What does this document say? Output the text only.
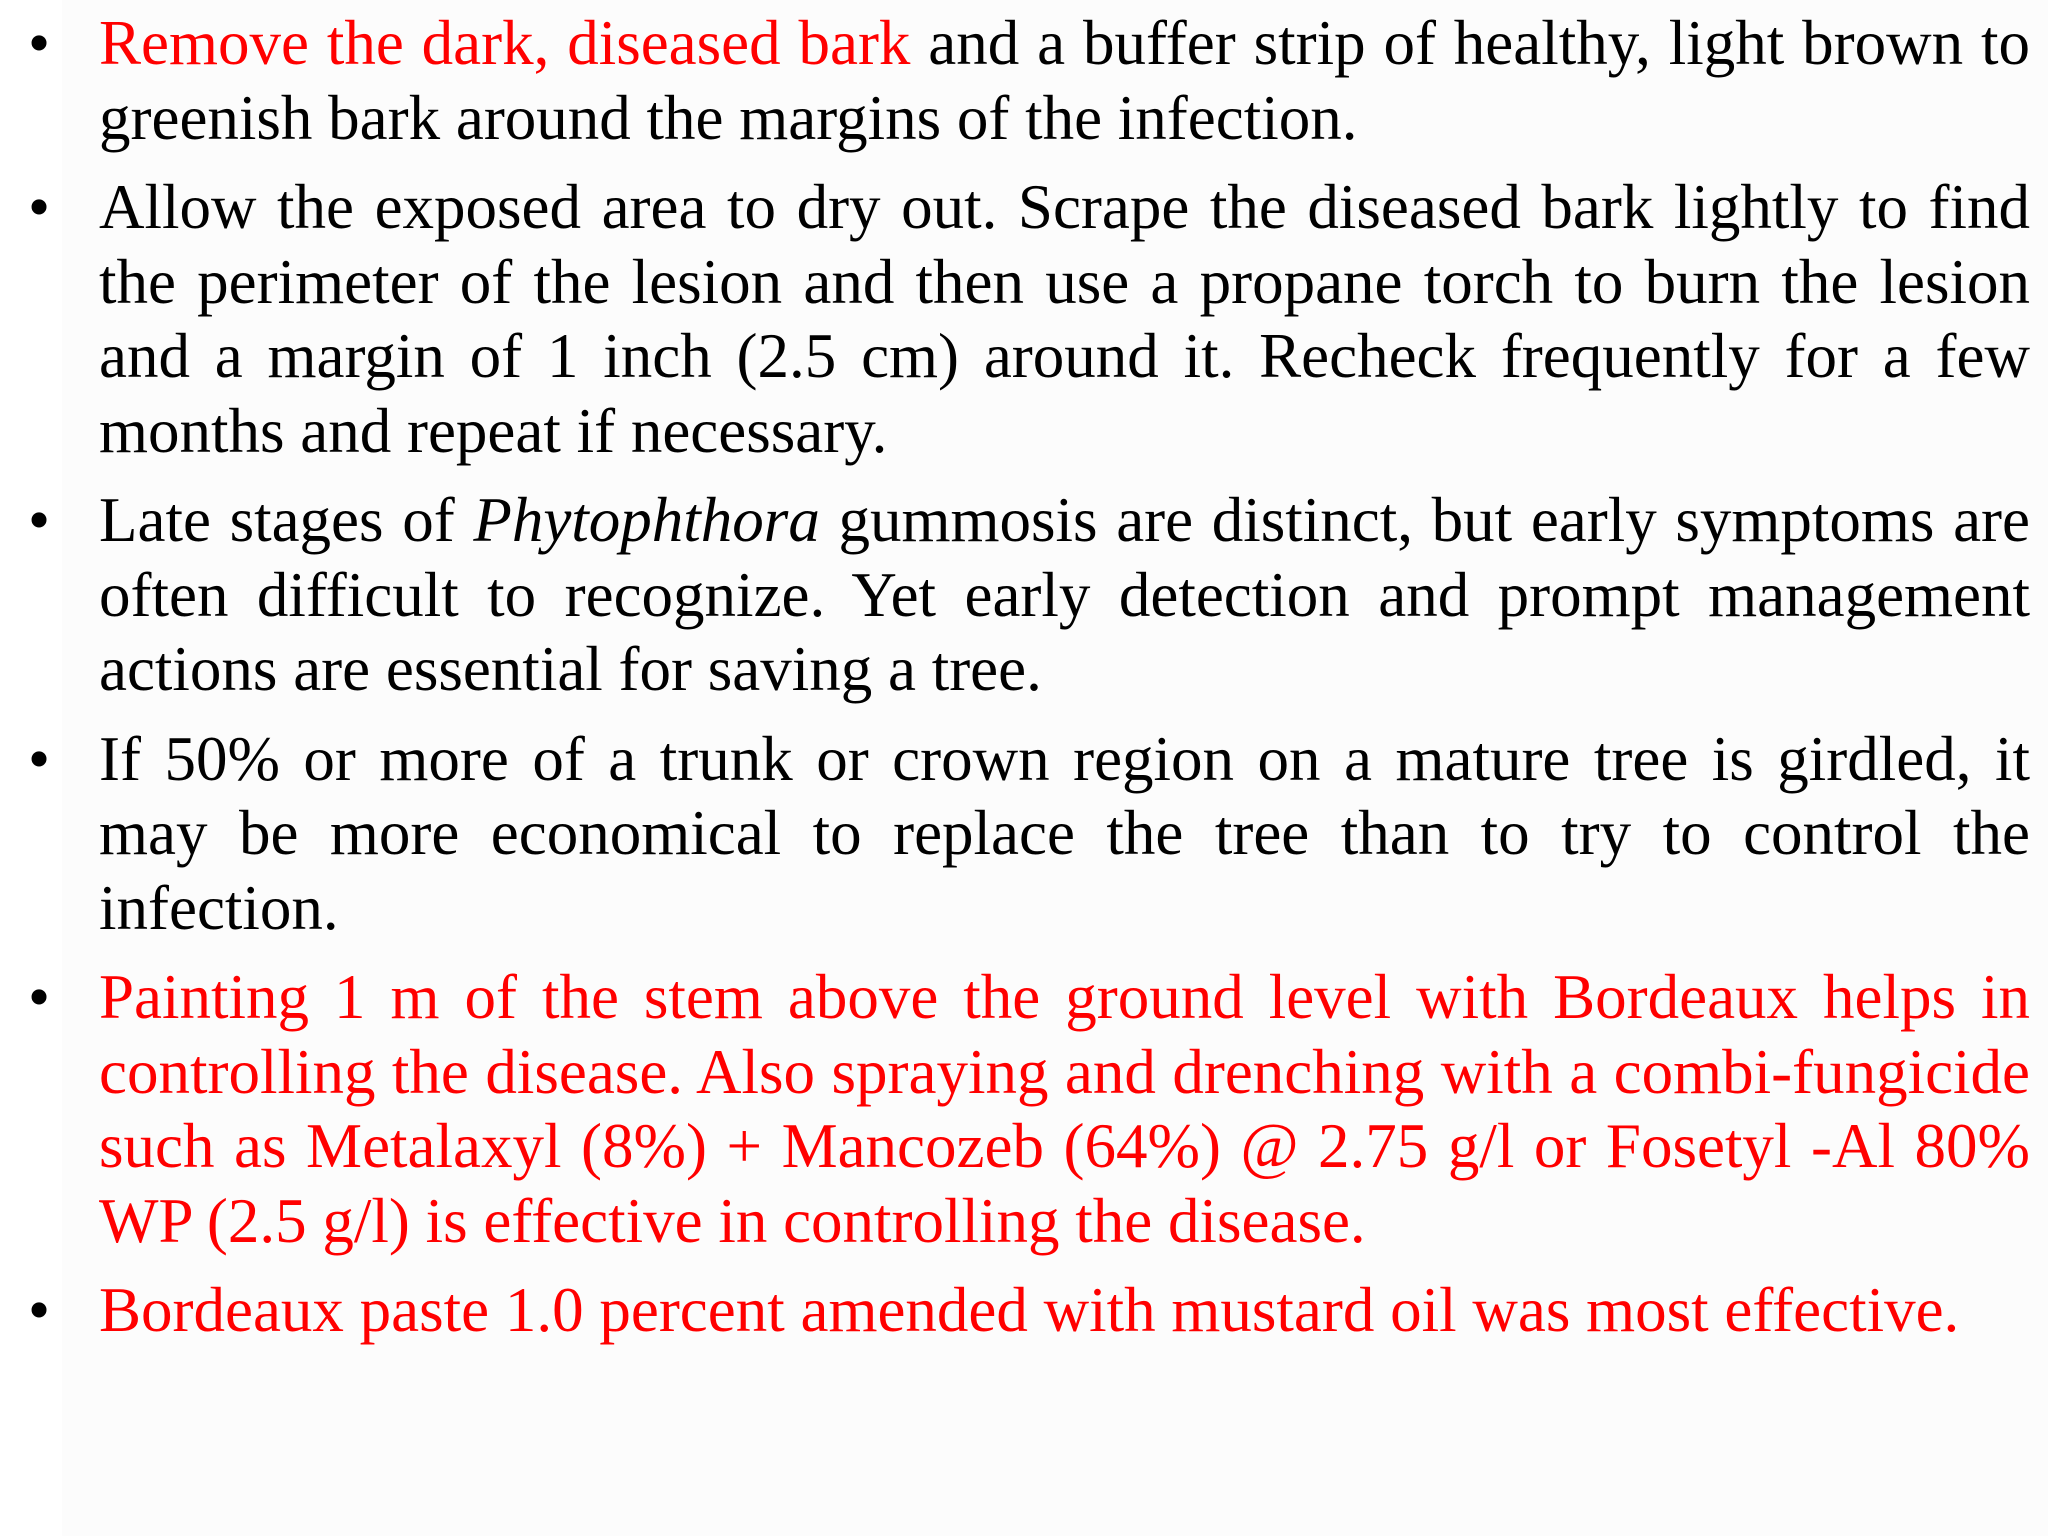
• Remove the dark, diseased bark and a buffer strip of healthy, light brown to greenish bark around the margins of the infection.
• Allow the exposed area to dry out. Scrape the diseased bark lightly to find the perimeter of the lesion and then use a propane torch to burn the lesion and a margin of 1 inch (2.5 cm) around it. Recheck frequently for a few months and repeat if necessary.
• Late stages of Phytophthora gummosis are distinct, but early symptoms are often difficult to recognize. Yet early detection and prompt management actions are essential for saving a tree.
• If 50% or more of a trunk or crown region on a mature tree is girdled, it may be more economical to replace the tree than to try to control the infection.
• Painting 1 m of the stem above the ground level with Bordeaux helps in controlling the disease. Also spraying and drenching with a combi-fungicide such as Metalaxyl (8%) + Mancozeb (64%) @ 2.75 g/l or Fosetyl -Al 80% WP (2.5 g/l) is effective in controlling the disease.
• Bordeaux paste 1.0 percent amended with mustard oil was most effective.
